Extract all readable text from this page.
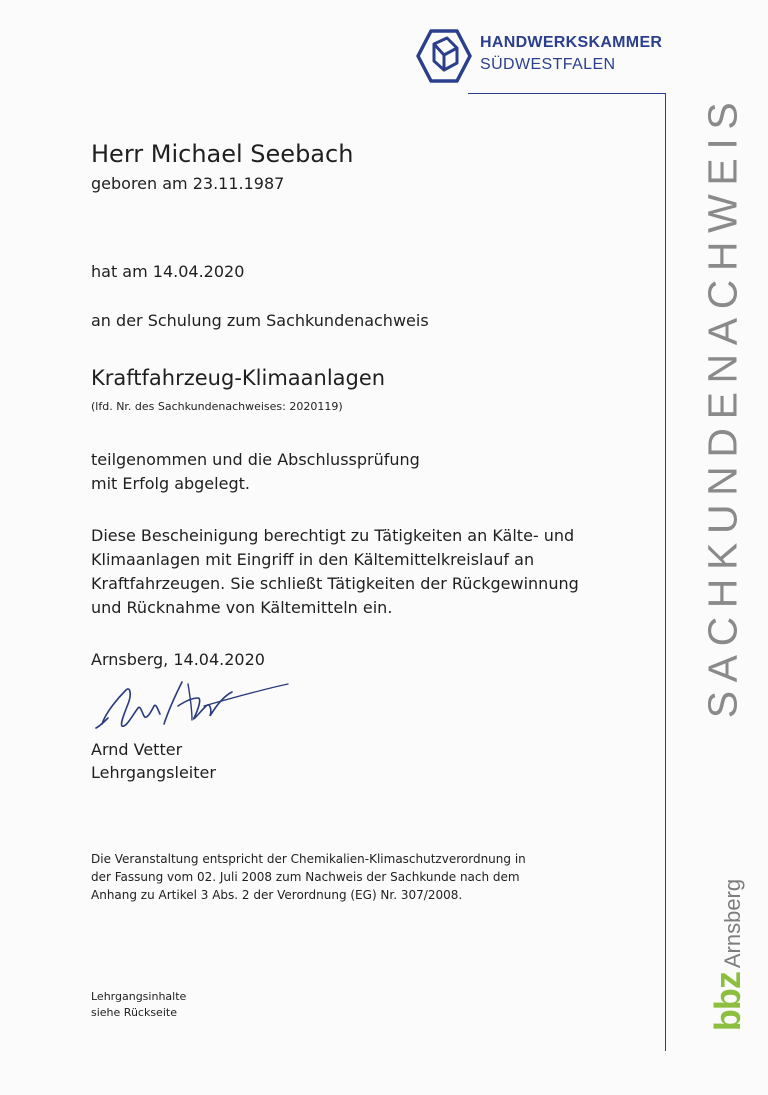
HANDWERKSKAMMER
SÜDWESTFALEN
SACHKUNDENACHWEIS
bbzArnsberg
Herr Michael Seebach
geboren am 23.11.1987
hat am 14.04.2020
an der Schulung zum Sachkundenachweis
Kraftfahrzeug-Klimaanlagen
(lfd. Nr. des Sachkundenachweises: 2020119)
teilgenommen und die Abschlussprüfung
mit Erfolg abgelegt.
Diese Bescheinigung berechtigt zu Tätigkeiten an Kälte- und
Klimaanlagen mit Eingriff in den Kältemittelkreislauf an
Kraftfahrzeugen. Sie schließt Tätigkeiten der Rückgewinnung
und Rücknahme von Kältemitteln ein.
Arnsberg, 14.04.2020
Arnd Vetter
Lehrgangsleiter
Die Veranstaltung entspricht der Chemikalien-Klimaschutzverordnung in
der Fassung vom 02. Juli 2008 zum Nachweis der Sachkunde nach dem
Anhang zu Artikel 3 Abs. 2 der Verordnung (EG) Nr. 307/2008.
Lehrgangsinhalte
siehe Rückseite
